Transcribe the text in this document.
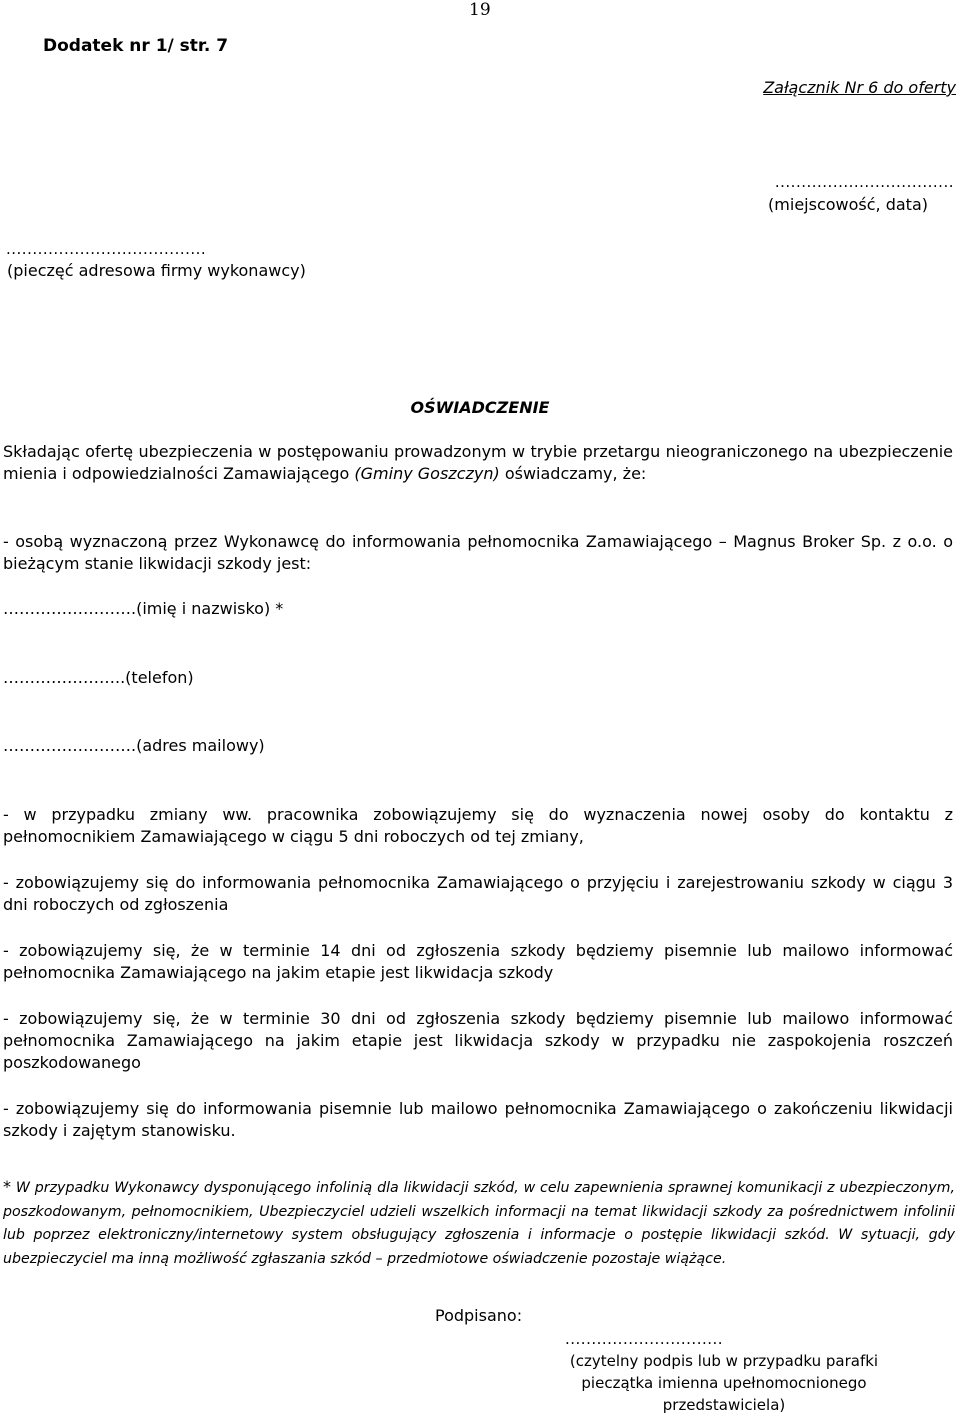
19
Dodatek nr 1/ str. 7
Załącznik Nr 6 do oferty
..................................
(miejscowość, data)
......................................
(pieczęć adresowa firmy wykonawcy)
OŚWIADCZENIE
Składając ofertę ubezpieczenia w postępowaniu prowadzonym w trybie przetargu nieograniczonego na ubezpieczenie mienia i odpowiedzialności Zamawiającego (Gminy Goszczyn) oświadczamy, że:
- osobą wyznaczoną przez Wykonawcę do informowania pełnomocnika Zamawiającego – Magnus Broker Sp. z o.o. o bieżącym stanie likwidacji szkody jest:
…………………….(imię i nazwisko) *
…………………..(telefon)
…………………….(adres mailowy)
- w przypadku zmiany ww. pracownika zobowiązujemy się do wyznaczenia nowej osoby do kontaktu z pełnomocnikiem Zamawiającego w ciągu 5 dni roboczych od tej zmiany,
- zobowiązujemy się do informowania pełnomocnika Zamawiającego o przyjęciu i zarejestrowaniu szkody w ciągu 3 dni roboczych od zgłoszenia
- zobowiązujemy się, że w terminie 14 dni od zgłoszenia szkody będziemy pisemnie lub mailowo informować pełnomocnika Zamawiającego na jakim etapie jest likwidacja szkody
- zobowiązujemy się, że w terminie 30 dni od zgłoszenia szkody będziemy pisemnie lub mailowo informować pełnomocnika Zamawiającego na jakim etapie jest likwidacja szkody w przypadku nie zaspokojenia roszczeń poszkodowanego
- zobowiązujemy się do informowania pisemnie lub mailowo pełnomocnika Zamawiającego o zakończeniu likwidacji szkody i zajętym stanowisku.
* W przypadku Wykonawcy dysponującego infolinią dla likwidacji szkód, w celu zapewnienia sprawnej komunikacji z ubezpieczonym, poszkodowanym, pełnomocnikiem, Ubezpieczyciel udzieli wszelkich informacji na temat likwidacji szkody za pośrednictwem infolinii lub poprzez elektroniczny/internetowy system obsługujący zgłoszenia i informacje o postępie likwidacji szkód. W sytuacji, gdy ubezpieczyciel ma inną możliwość zgłaszania szkód – przedmiotowe oświadczenie pozostaje wiążące.
Podpisano:
..............................
(czytelny podpis lub w przypadku parafki pieczątka imienna upełnomocnionego przedstawiciela)
